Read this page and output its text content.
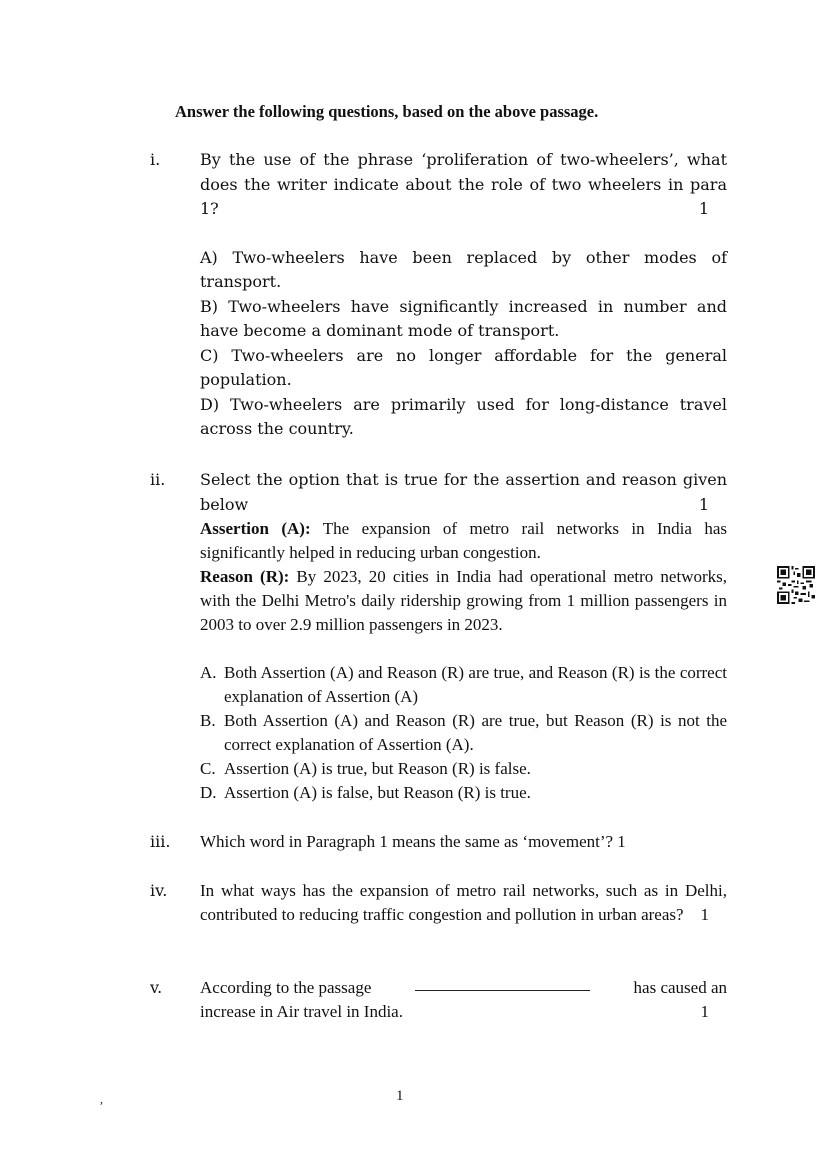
Answer the following questions, based on the above passage.
i. By the use of the phrase ‘proliferation of two-wheelers’, what
does the writer indicate about the role of two wheelers in para
1?	1
A) Two-wheelers have been replaced by other modes of transport.
B) Two-wheelers have significantly increased in number and have become a dominant mode of transport.
C) Two-wheelers are no longer affordable for the general population.
D) Two-wheelers are primarily used for long-distance travel across the country.
ii. Select the option that is true for the assertion and reason given
below	1
Assertion (A): The expansion of metro rail networks in India has significantly helped in reducing urban congestion.
Reason (R): By 2023, 20 cities in India had operational metro networks, with the Delhi Metro's daily ridership growing from 1 million passengers in 2003 to over 2.9 million passengers in 2023.
A. Both Assertion (A) and Reason (R) are true, and Reason (R) is the correct explanation of Assertion (A)
B. Both Assertion (A) and Reason (R) are true, but Reason (R) is not the correct explanation of Assertion (A).
C. Assertion (A) is true, but Reason (R) is false.
D. Assertion (A) is false, but Reason (R) is true.
iii. Which word in Paragraph 1 means the same as ‘movement’? 1
iv. In what ways has the expansion of metro rail networks, such as in Delhi, contributed to reducing traffic congestion and pollution in urban areas? 1
v. According to the passage	has caused an
increase in Air travel in India.	1
,	1
